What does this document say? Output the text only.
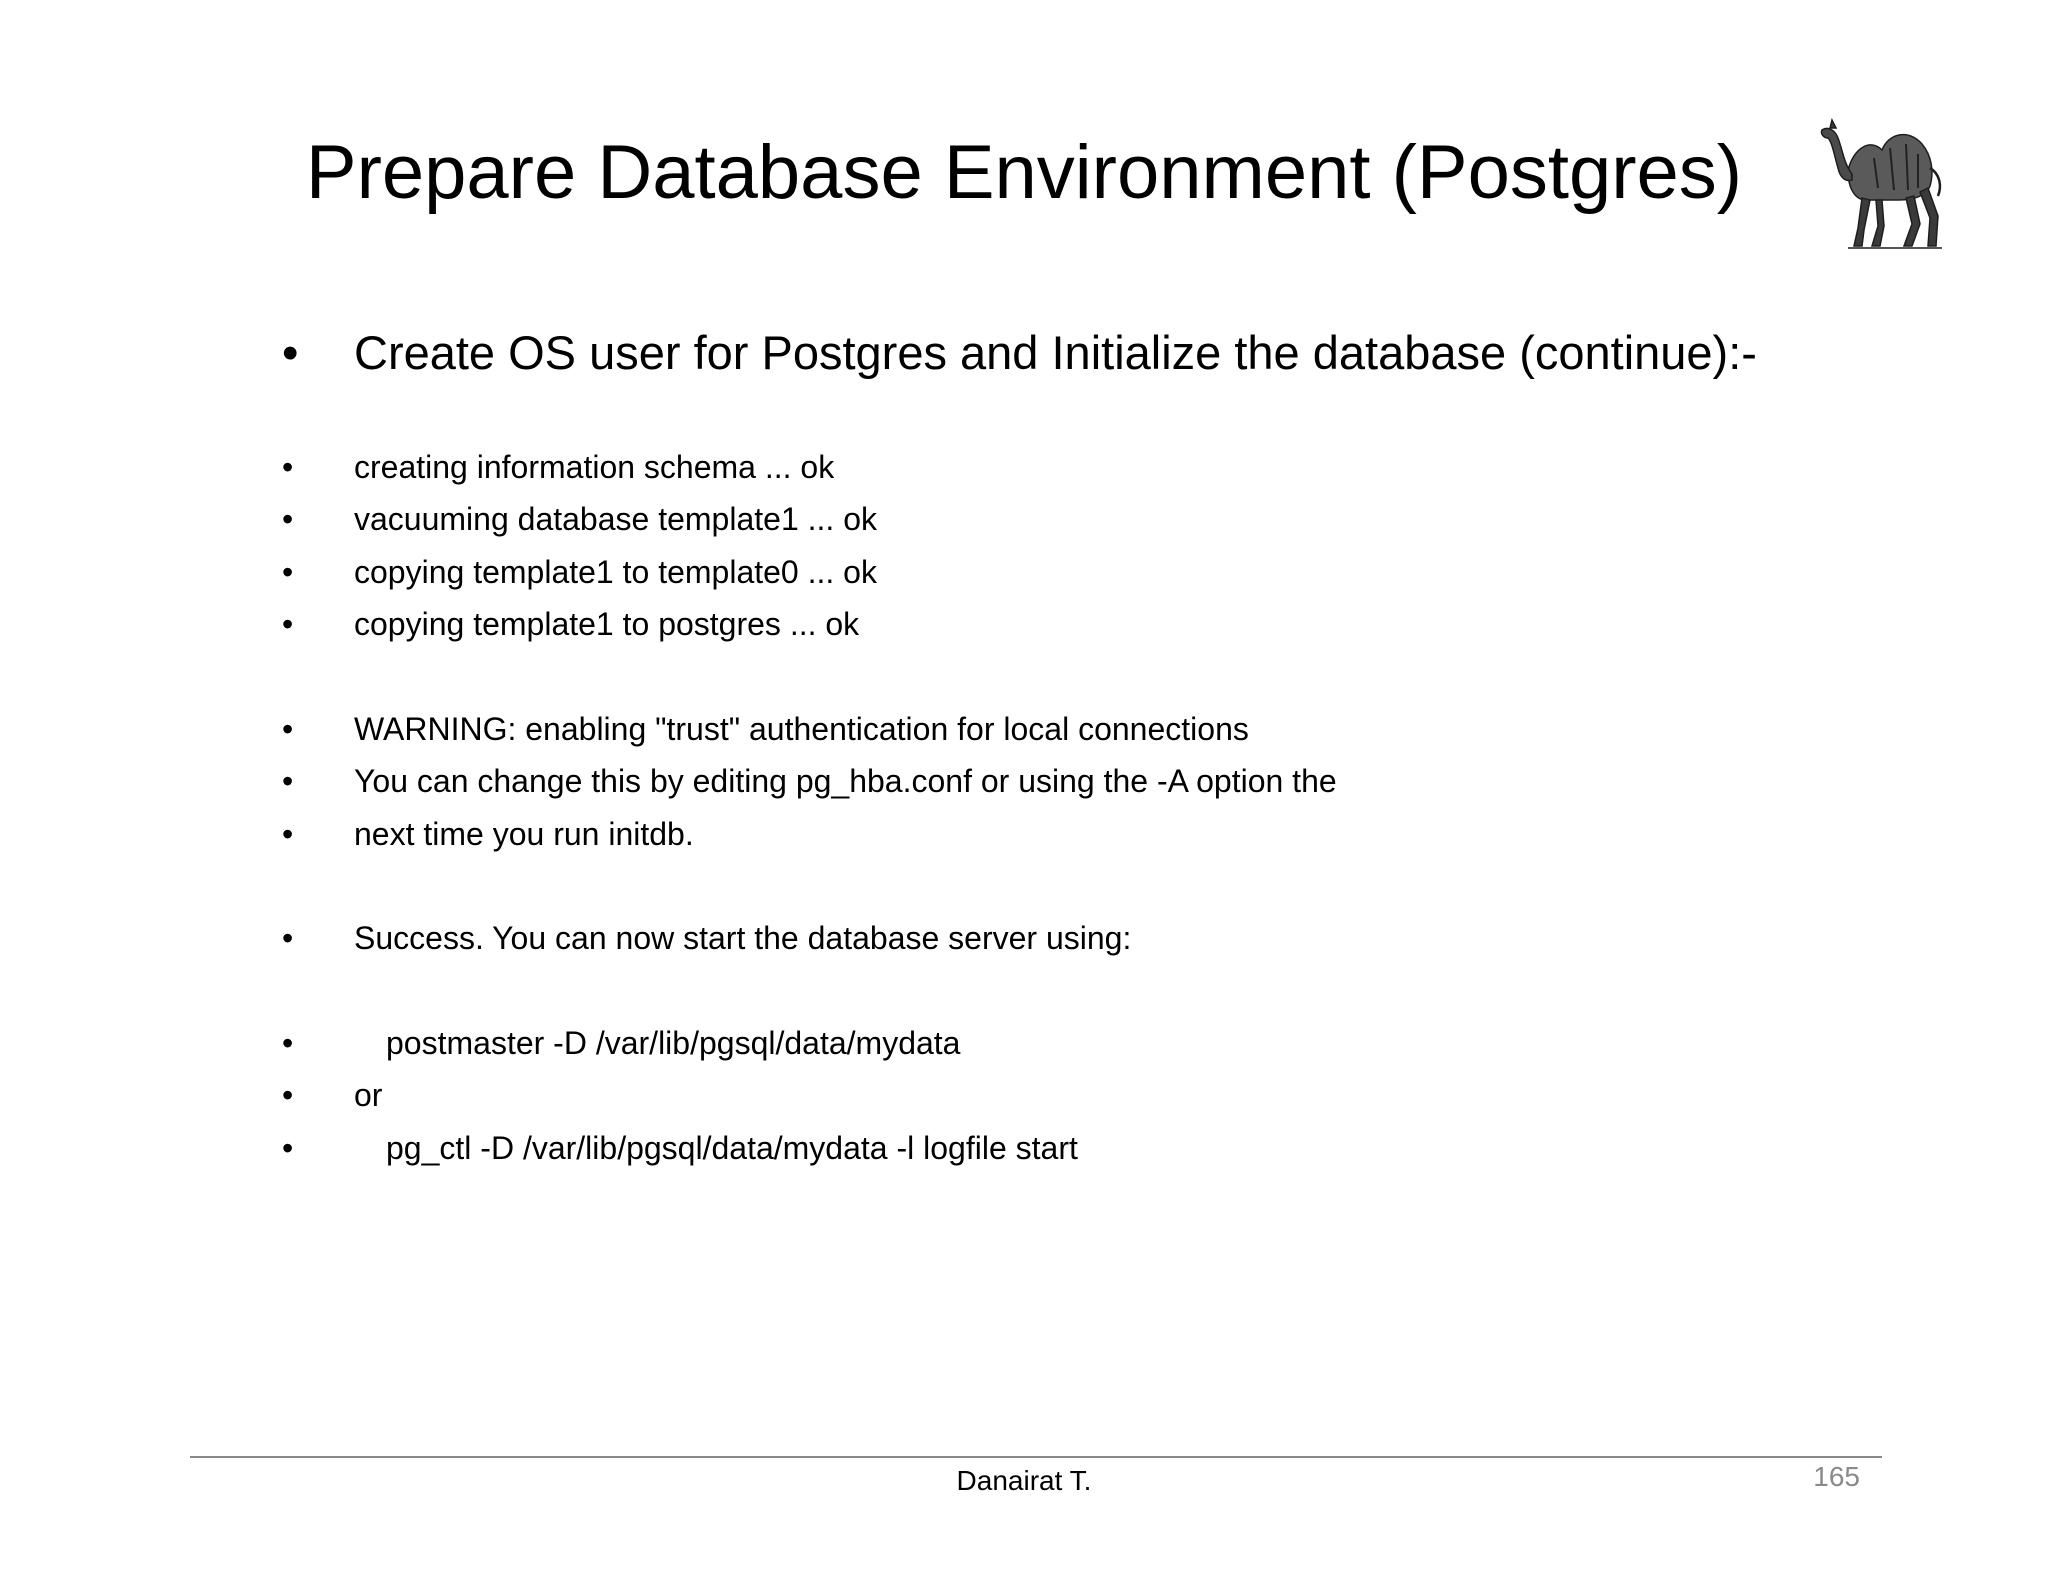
Prepare Database Environment (Postgres)
• Create OS user for Postgres and Initialize the database (continue):-
• creating information schema ... ok
• vacuuming database template1 ... ok
• copying template1 to template0 ... ok
• copying template1 to postgres ... ok
• WARNING: enabling "trust" authentication for local connections
• You can change this by editing pg_hba.conf or using the -A option the
• next time you run initdb.
• Success. You can now start the database server using:
•	postmaster -D /var/lib/pgsql/data/mydata
• or
•	pg_ctl -D /var/lib/pgsql/data/mydata -l logfile start
Danairat T.	165
